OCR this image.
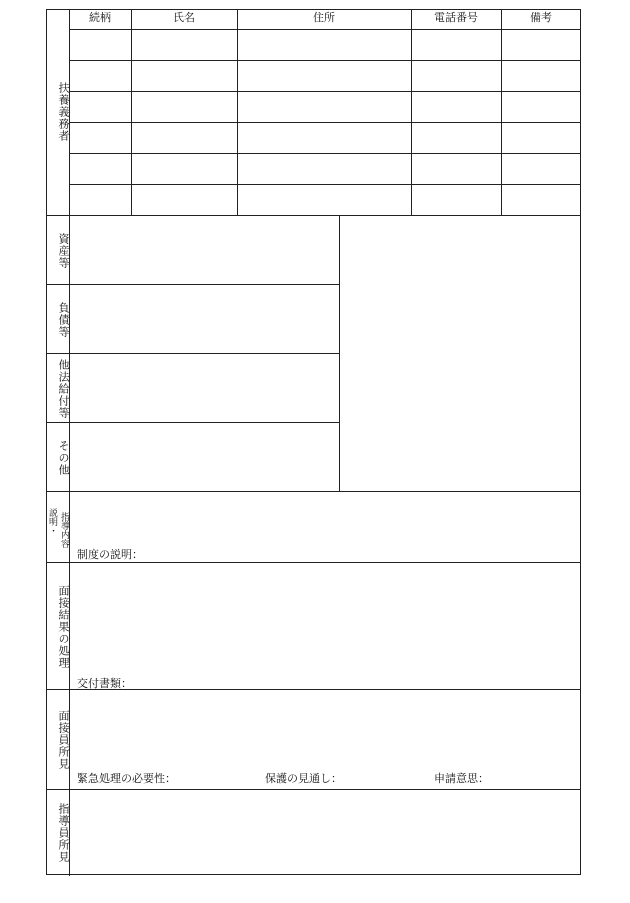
扶養義務者
続柄	氏名	住所	電話番号	備考
資産等
負債等
他法給付等
その他
指導内容
説明・
制度の説明：
面接結果の処理
交付書類：
面接員所見
緊急処理の必要性：	保護の見通し：	申請意思：
指導員所見
